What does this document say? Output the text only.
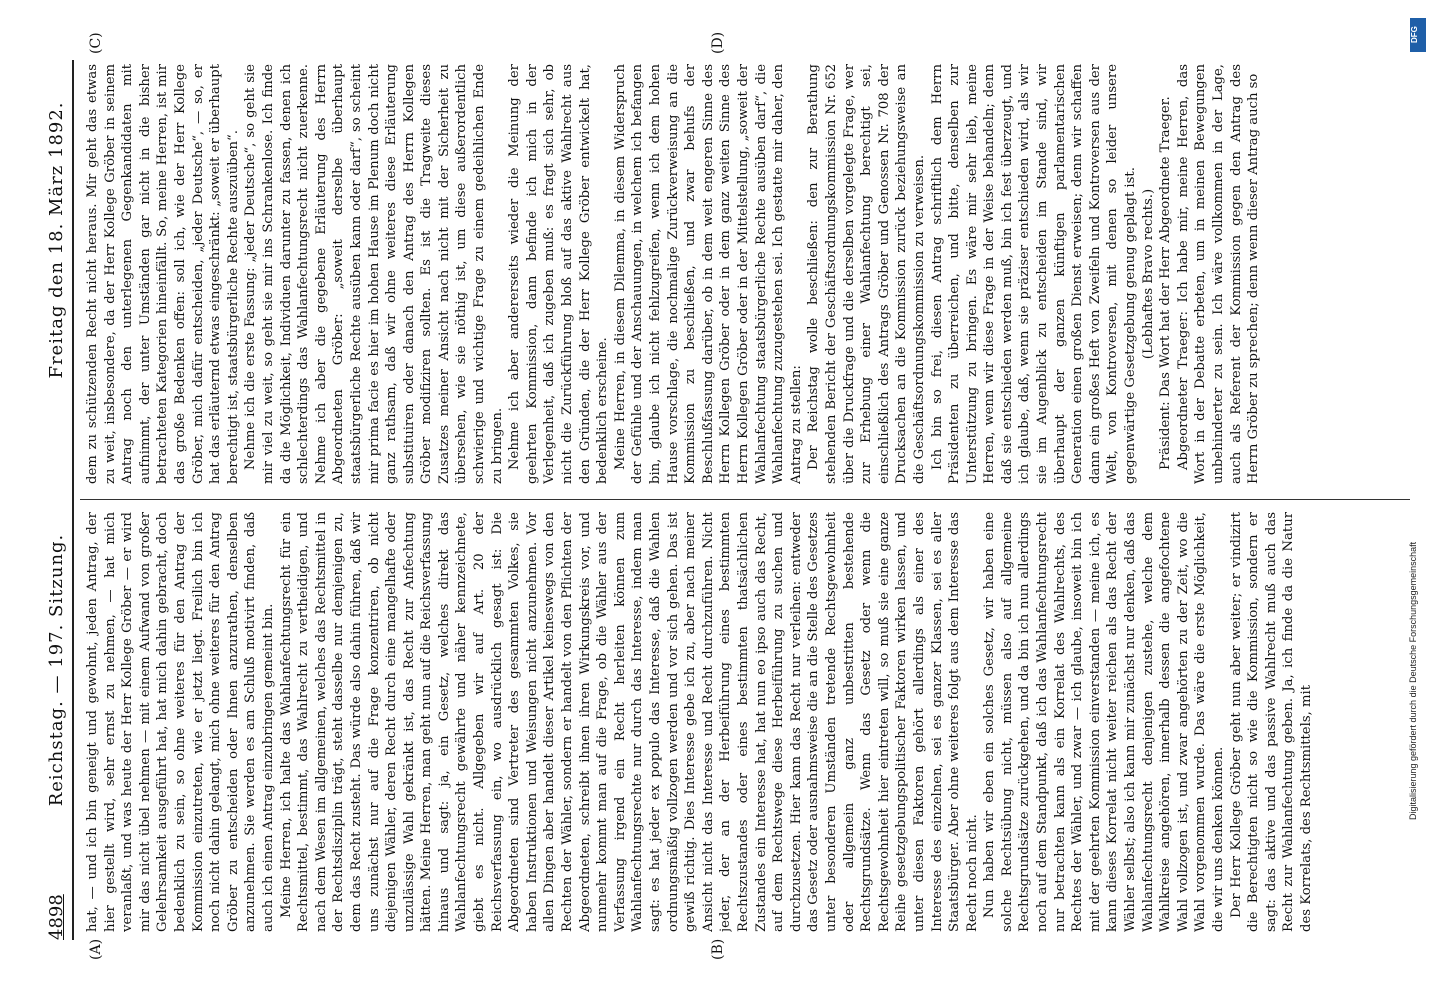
4898
Reichstag. — 197. Sitzung.
Freitag den 18. März 1892.
(A)	(B)
(C)	(D)

hat, — und ich bin geneigt und gewohnt, jeden Antrag, der hier gestellt wird, sehr ernst zu nehmen, — hat mich veranlaßt, und was heute der Herr Kollege Gröber — er wird mir das nicht übel nehmen — mit einem Aufwand von großer Gelehrsamkeit ausgeführt hat, hat mich dahin gebracht, doch bedenklich zu sein, so ohne weiteres für den Antrag der Kommission einzutreten, wie er jetzt liegt. Freilich bin ich noch nicht dahin gelangt, mich ohne weiteres für den Antrag Gröber zu entscheiden oder Ihnen anzurathen, denselben anzunehmen. Sie werden es am Schluß motivirt finden, daß auch ich einen Antrag einzubringen gemeint bin. Meine Herren, ich halte das Wahlanfechtungsrecht für ein Rechtsmittel, bestimmt, das Wahlrecht zu vertheidigen, und nach dem Wesen im allgemeinen, welches das Rechtsmittel in der Rechtsdisziplin trägt, steht dasselbe nur demjenigen zu, dem das Recht zusteht. Das würde also dahin führen, daß wir uns zunächst nur auf die Frage konzentriren, ob nicht diejenigen Wähler, deren Recht durch eine mangelhafte oder unzulässige Wahl gekränkt ist, das Recht zur Anfechtung hätten. Meine Herren, man geht nun auf die Reichsverfassung hinaus und sagt: ja, ein Gesetz, welches direkt das Wahlanfechtungsrecht gewährte und näher kennzeichnete, giebt es nicht. Allgegeben wir auf Art. 20 der Reichsverfassung ein, wo ausdrücklich gesagt ist: Die Abgeordneten sind Vertreter des gesammten Volkes, sie haben Instruktionen und Weisungen nicht anzunehmen. Vor allen Dingen aber handelt dieser Artikel keineswegs von den Rechten der Wähler, sondern er handelt von den Pflichten der Abgeordneten, schreibt ihnen ihren Wirkungskreis vor, und nunmehr kommt man auf die Frage, ob die Wähler aus der Verfassung irgend ein Recht herleiten können zum Wahlanfechtungsrechte nur durch das Interesse, indem man sagt: es hat jeder ex populo das Interesse, daß die Wahlen ordnungsmäßig vollzogen werden und vor sich gehen. Das ist gewiß richtig. Dies Interesse gebe ich zu, aber nach meiner Ansicht nicht das Interesse und Recht durchzuführen. Nicht jeder, der an der Herbeiführung eines bestimmten Rechtszustandes oder eines bestimmten thatsächlichen Zustandes ein Interesse hat, hat nun eo ipso auch das Recht, auf dem Rechtswege diese Herbeiführung zu suchen und durchzusetzen. Hier kann das Recht nur verleihen: entweder das Gesetz oder ausnahmsweise die an die Stelle des Gesetzes unter besonderen Umständen tretende Rechtsgewohnheit oder allgemein ganz unbestritten bestehende Rechtsgrundsätze. Wenn das Gesetz oder wenn die Rechtsgewohnheit hier eintreten will, so muß sie eine ganze Reihe gesetzgebungspolitischer Faktoren wirken lassen, und unter diesen Faktoren gehört allerdings als einer des Interesse des einzelnen, sei es ganzer Klassen, sei es aller Staatsbürger. Aber ohne weiteres folgt aus dem Interesse das Recht noch nicht. Nun haben wir eben ein solches Gesetz, wir haben eine solche Rechtsübung nicht, müssen also auf allgemeine Rechtsgrundsätze zurückgehen, und da bin ich nun allerdings noch auf dem Standpunkt, daß ich das Wahlanfechtungsrecht nur betrachten kann als ein Korrelat des Wahlrechts, des Rechtes der Wähler, und zwar — ich glaube, insoweit bin ich mit der geehrten Kommission einverstanden — meine ich, es kann dieses Korrelat nicht weiter reichen als das Recht der Wähler selbst; also ich kann mir zunächst nur denken, daß das Wahlanfechtungsrecht denjenigen zustehe, welche dem Wahlkreise angehören, innerhalb dessen die angefochtene Wahl vollzogen ist, und zwar angehörten zu der Zeit, wo die Wahl vorgenommen wurde. Das wäre die erste Möglichkeit, die wir uns denken können. Der Herr Kollege Gröber geht nun aber weiter; er vindizirt die Berechtigten nicht so wie die Kommission, sondern er sagt: das aktive und das passive Wahlrecht muß auch das Recht zur Wahlanfechtung geben. Ja, ich finde da die Natur des Korrelats, des Rechtsmittels, mit

dem zu schützenden Recht nicht heraus. Mir geht das etwas zu weit, insbesondere, da der Herr Kollege Gröber in seinem Antrag noch den unterlegenen Gegenkandidaten mit aufnimmt, der unter Umständen gar nicht in die bisher betrachteten Kategorien hineinfällt. So, meine Herren, ist mir das große Bedenken offen: soll ich, wie der Herr Kollege Gröber, mich dafür entscheiden, „jeder Deutsche“, — so, er hat das erläuternd etwas eingeschränkt: „soweit er überhaupt berechtigt ist, staatsbürgerliche Rechte auszuüben“. Nehme ich die erste Fassung: „jeder Deutsche“, so geht sie mir viel zu weit, so geht sie mir ins Schrankenlose. Ich finde da die Möglichkeit, Individuen darunter zu fassen, denen ich schlechterdings das Wahlanfechtungsrecht nicht zuerkenne. Nehme ich aber die gegebene Erläuterung des Herrn Abgeordneten Gröber: „soweit derselbe überhaupt staatsbürgerliche Rechte ausüben kann oder darf“, so scheint mir prima facie es hier im hohen Hause im Plenum doch nicht ganz rathsam, daß wir ohne weiteres diese Erläuterung substituiren oder danach den Antrag des Herrn Kollegen Gröber modifiziren sollten. Es ist die Tragweite dieses Zusatzes meiner Ansicht nach nicht mit der Sicherheit zu übersehen, wie sie nöthig ist, um diese außerordentlich schwierige und wichtige Frage zu einem gedeihlichen Ende zu bringen. Nehme ich aber andererseits wieder die Meinung der geehrten Kommission, dann befinde ich mich in der Verlegenheit, daß ich zugeben muß: es fragt sich sehr, ob nicht die Zurückführung bloß auf das aktive Wahlrecht aus den Gründen, die der Herr Kollege Gröber entwickelt hat, bedenklich erscheine. Meine Herren, in diesem Dilemma, in diesem Widerspruch der Gefühle und der Anschauungen, in welchem ich befangen bin, glaube ich nicht fehlzugreifen, wenn ich dem hohen Hause vorschlage, die nochmalige Zurückverweisung an die Kommission zu beschließen, und zwar behufs der Beschlußfassung darüber, ob in dem weit engeren Sinne des Herrn Kollegen Gröber oder in dem ganz weiten Sinne des Herrn Kollegen Gröber oder in der Mittelstellung, „soweit der Wahlanfechtung staatsbürgerliche Rechte ausüben darf“, die Wahlanfechtung zuzugestehen sei. Ich gestatte mir daher, den Antrag zu stellen: Der Reichstag wolle beschließen: den zur Berathung stehenden Bericht der Geschäftsordnungskommission Nr. 652 über die Druckfrage und die derselben vorgelegte Frage, wer zur Erhebung einer Wahlanfechtung berechtigt sei, einschließlich des Antrags Gröber und Genossen Nr. 708 der Drucksachen an die Kommission zurück beziehungsweise an die Geschäftsordnungskommission zu verweisen. Ich bin so frei, diesen Antrag schriftlich dem Herrn Präsidenten zu überreichen, und bitte, denselben zur Unterstützung zu bringen. Es wäre mir sehr lieb, meine Herren, wenn wir diese Frage in der Weise behandeln; denn daß sie entschieden werden muß, bin ich fest überzeugt, und ich glaube, daß, wenn sie präziser entschieden wird, als wir sie im Augenblick zu entscheiden im Stande sind, wir überhaupt der ganzen künftigen parlamentarischen Generation einen großen Dienst erweisen; denn wir schaffen dann ein großes Heft von Zweifeln und Kontroversen aus der Welt, von Kontroversen, mit denen so leider unsere gegenwärtige Gesetzgebung genug geplagt ist. (Lebhaftes Bravo rechts.) Präsident: Das Wort hat der Herr Abgeordnete Traeger. Abgeordneter Traeger: Ich habe mir, meine Herren, das Wort in der Debatte erbeten, um in meinen Bewegungen unbehinderter zu sein. Ich wäre vollkommen in der Lage, auch als Referent der Kommission gegen den Antrag des Herrn Gröber zu sprechen; denn wenn dieser Antrag auch so

DFG
Digitalisierung gefördert durch die Deutsche Forschungsgemeinschaft
